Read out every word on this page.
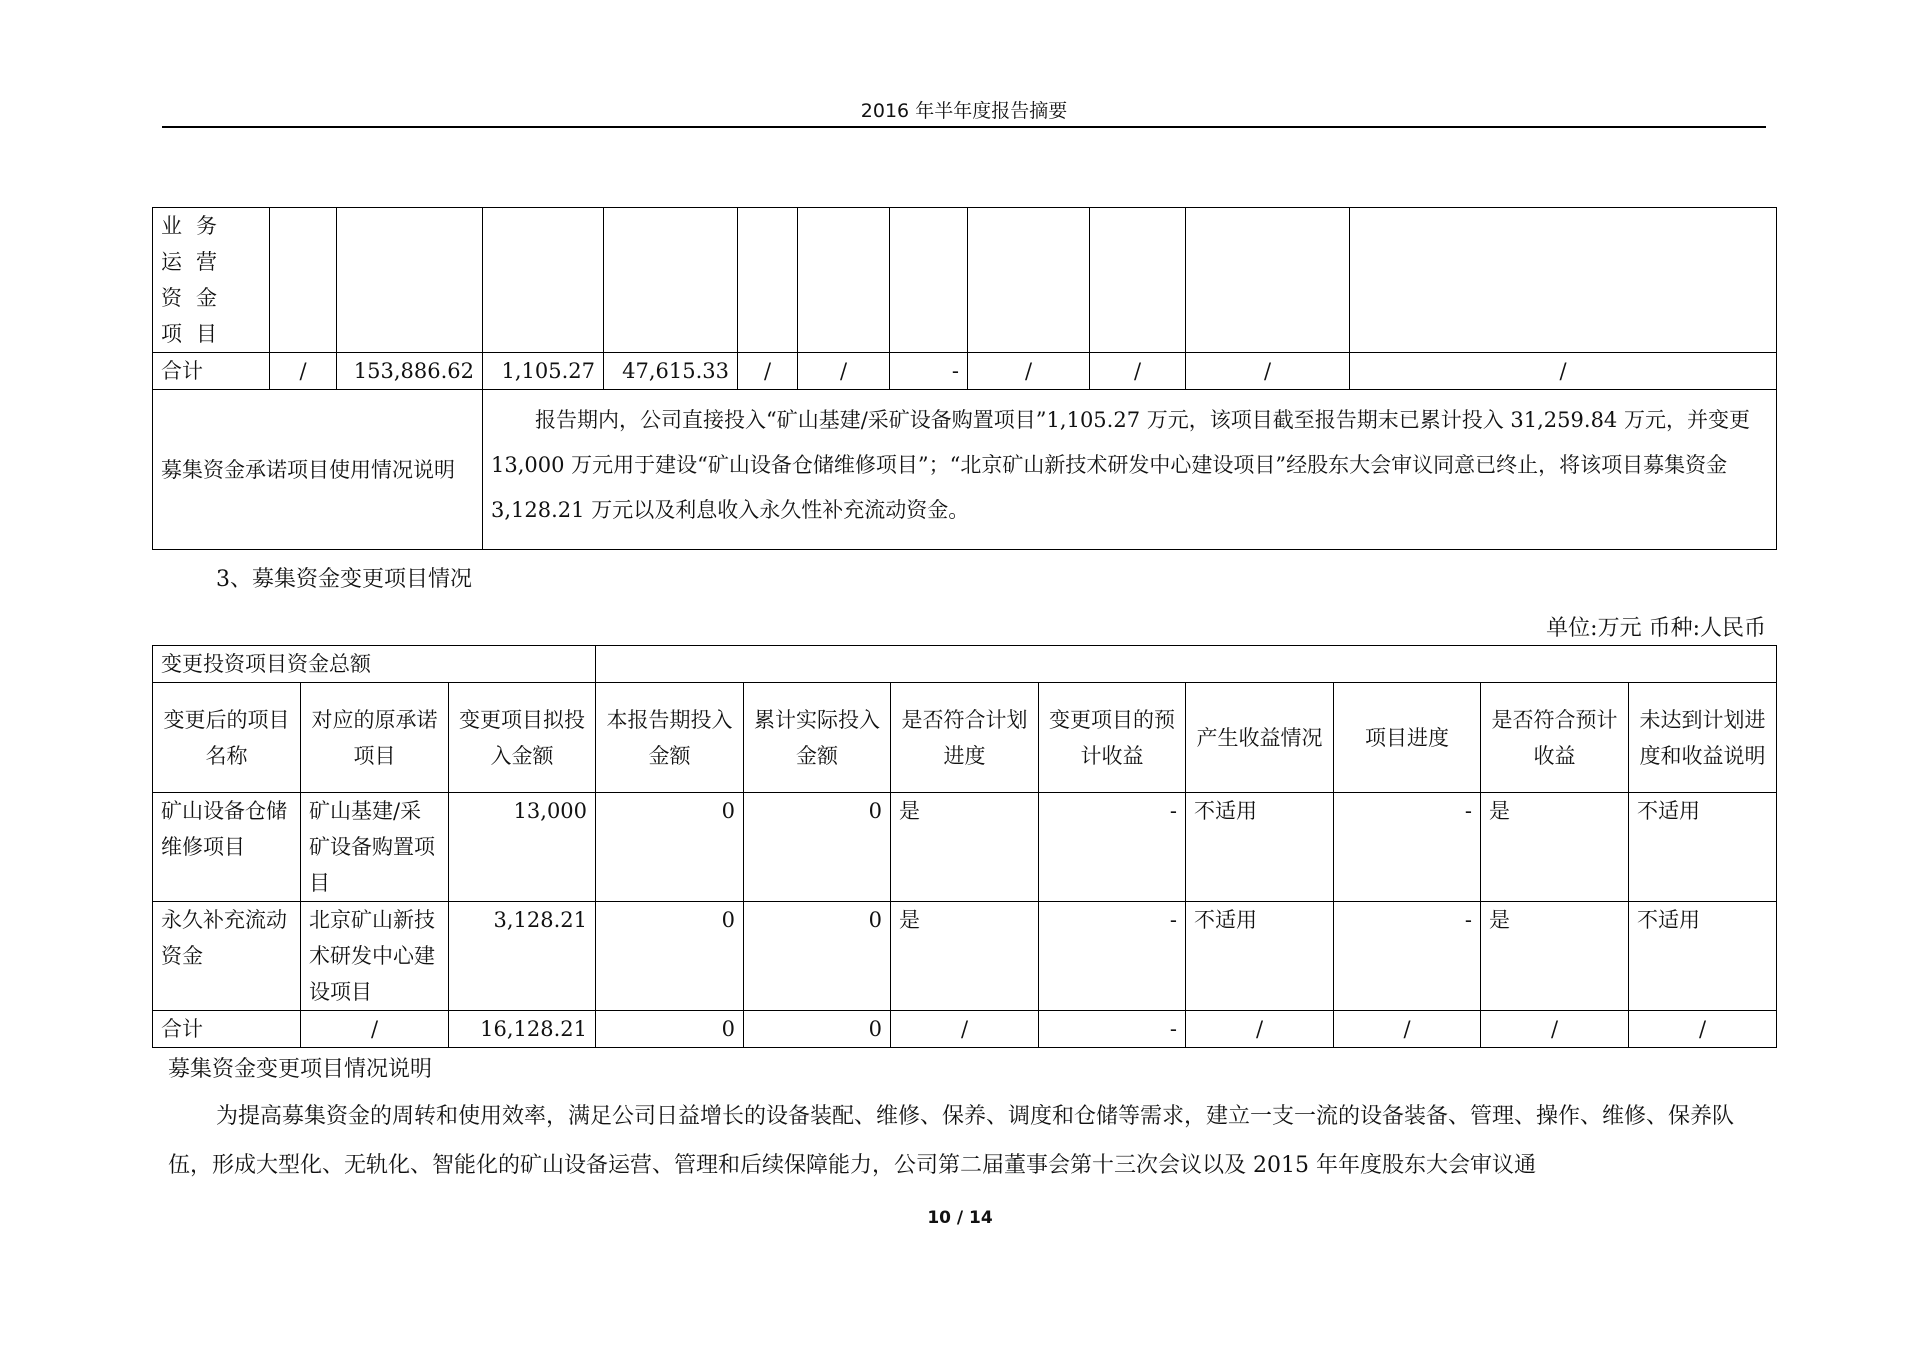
2016 年半年度报告摘要
业务运营资金项目											
合计	/	153,886.62	1,105.27	47,615.33	/	/	-	/	/	/	/
募集资金承诺项目使用情况说明			报告期内，公司直接投入“矿山基建/采矿设备购置项目”1,105.27 万元，该项目截至报告期末已累计投入 31,259.84 万元，并变更 13,000 万元用于建设“矿山设备仓储维修项目”；“北京矿山新技术研发中心建设项目”经股东大会审议同意已终止，将该项目募集资金 3,128.21 万元以及利息收入永久性补充流动资金。								
3、募集资金变更项目情况
单位:万元 币种:人民币
变更投资项目资金总额										
变更后的项目名称	对应的原承诺项目	变更项目拟投入金额	本报告期投入金额	累计实际投入金额	是否符合计划进度	变更项目的预计收益	产生收益情况	项目进度	是否符合预计收益	未达到计划进度和收益说明
矿山设备仓储维修项目	矿山基建/采矿设备购置项目	13,000	0	0	是	-	不适用	-	是	不适用
永久补充流动资金	北京矿山新技术研发中心建设项目	3,128.21	0	0	是	-	不适用	-	是	不适用
合计	/	16,128.21	0	0	/	-	/	/	/	/
募集资金变更项目情况说明
为提高募集资金的周转和使用效率，满足公司日益增长的设备装配、维修、保养、调度和仓储等需求，建立一支一流的设备装备、管理、操作、维修、保养队伍，形成大型化、无轨化、智能化的矿山设备运营、管理和后续保障能力，公司第二届董事会第十三次会议以及 2015 年年度股东大会审议通
10 / 14
